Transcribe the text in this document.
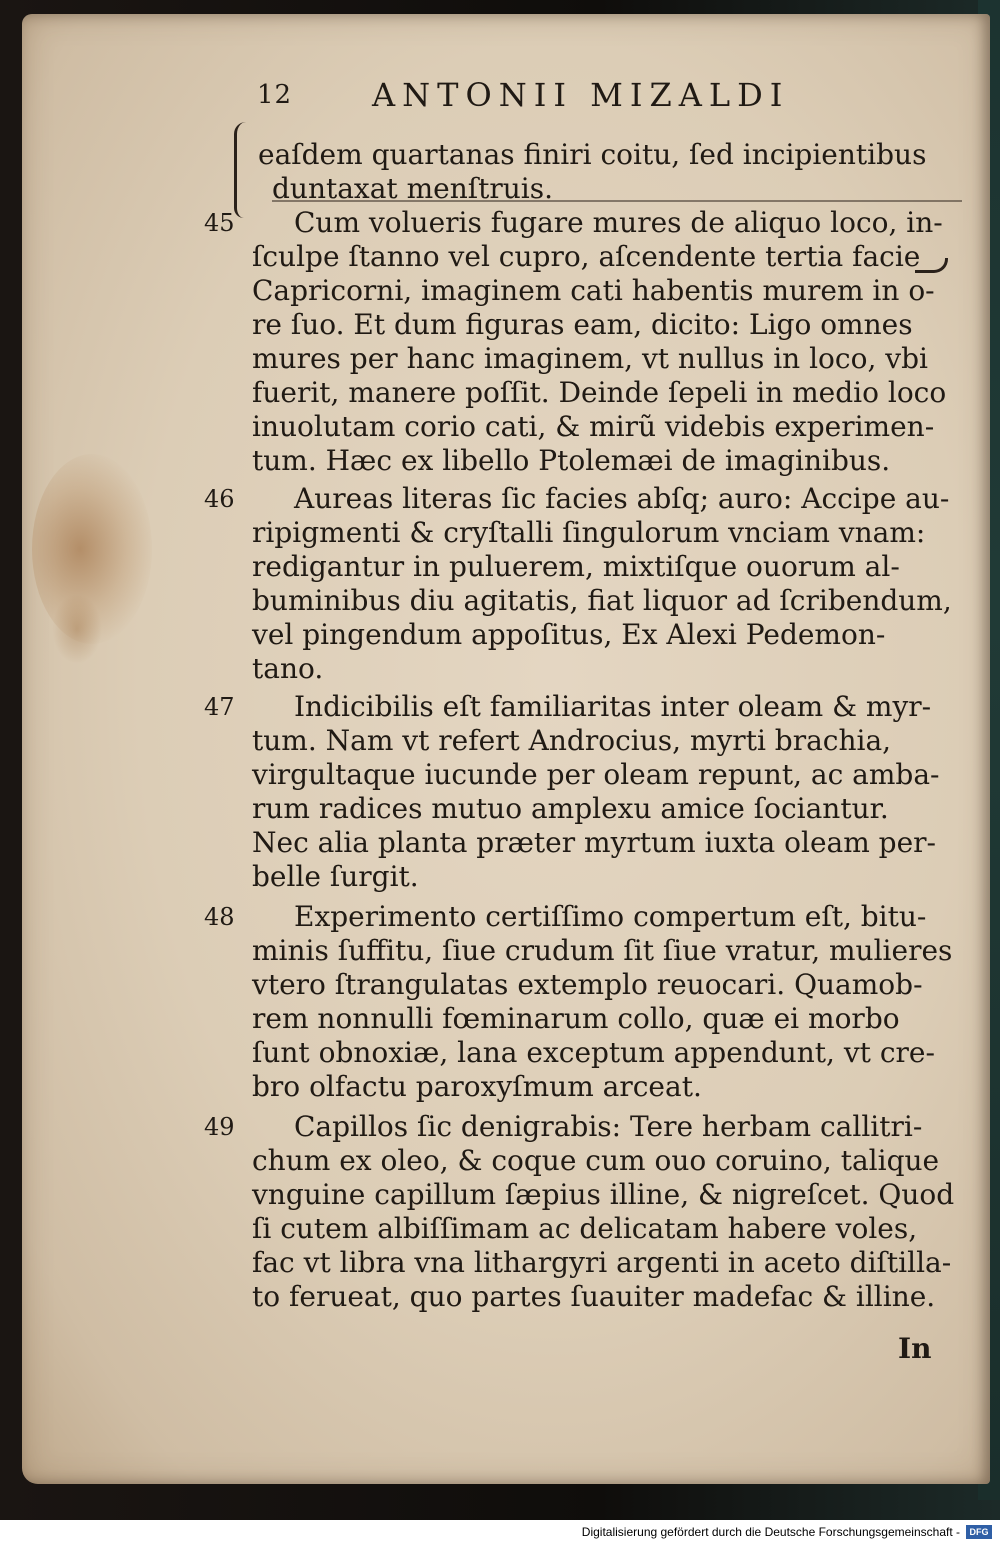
12 ANTONII MIZALDI
eaſdem quartanas finiri coitu, ſed incipientibus
duntaxat menſtruis.
45 Cum volueris fugare mures de aliquo loco, in-
ſculpe ſtanno vel cupro, aſcendente tertia facie
Capricorni, imaginem cati habentis murem in o-
re ſuo. Et dum figuras eam, dicito: Ligo omnes
mures per hanc imaginem, vt nullus in loco, vbi
fuerit, manere poſſit. Deinde ſepeli in medio loco
inuolutam corio cati, & mirũ videbis experimen-
tum. Hæc ex libello Ptolemæi de imaginibus.
46 Aureas literas ſic facies abſq; auro: Accipe au-
ripigmenti & cryſtalli ſingulorum vnciam vnam:
redigantur in puluerem, mixtiſque ouorum al-
buminibus diu agitatis, fiat liquor ad ſcribendum,
vel pingendum appoſitus, Ex Alexi Pedemon-
tano.
47 Indicibilis eſt familiaritas inter oleam & myr-
tum. Nam vt refert Androcius, myrti brachia,
virgultaque iucunde per oleam repunt, ac amba-
rum radices mutuo amplexu amice ſociantur.
Nec alia planta præter myrtum iuxta oleam per-
belle ſurgit.
48 Experimento certiſſimo compertum eſt, bitu-
minis ſuffitu, ſiue crudum ſit ſiue vratur, mulieres
vtero ſtrangulatas extemplo reuocari. Quamob-
rem nonnulli fœminarum collo, quæ ei morbo
ſunt obnoxiæ, lana exceptum appendunt, vt cre-
bro olfactu paroxyſmum arceat.
49 Capillos ſic denigrabis: Tere herbam callitri-
chum ex oleo, & coque cum ouo coruino, talique
vnguine capillum ſæpius illine, & nigreſcet. Quod
ſi cutem albiſſimam ac delicatam habere voles,
fac vt libra vna lithargyri argenti in aceto diſtilla-
to ferueat, quo partes ſuauiter madefac & illine.
In
Digitalisierung gefördert durch die Deutsche Forschungsgemeinschaft -	DFG
